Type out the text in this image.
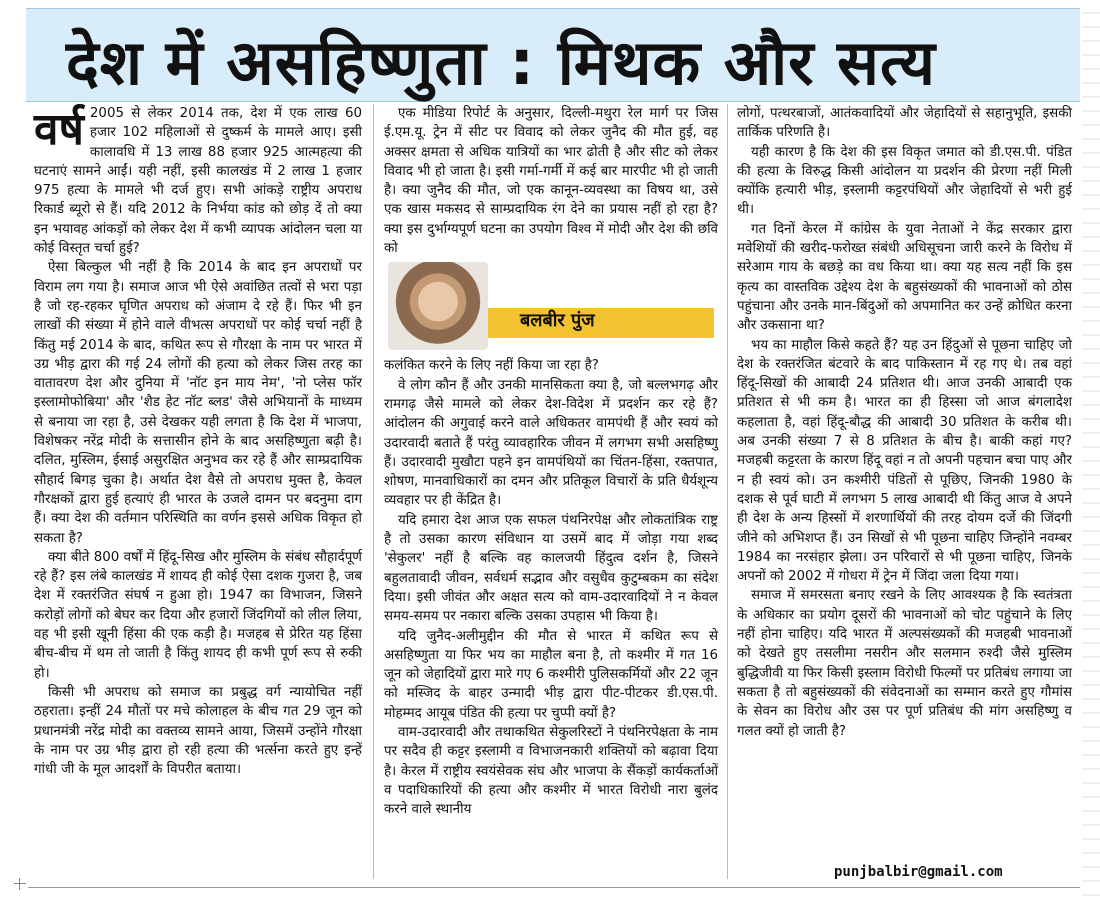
देश में असहिष्णुता : मिथक और सत्य

वर्ष 2005 से लेकर 2014 तक, देश में एक लाख 60 हजार 102 महिलाओं से दुष्कर्म के मामले आए। इसी कालावधि में 13 लाख 88 हजार 925 आत्महत्या की घटनाएं सामने आईं। यही नहीं, इसी कालखंड में 2 लाख 1 हजार 975 हत्या के मामले भी दर्ज हुए। सभी आंकड़े राष्ट्रीय अपराध रिकार्ड ब्यूरो से हैं। यदि 2012 के निर्भया कांड को छोड़ दें तो क्या इन भयावह आंकड़ों को लेकर देश में कभी व्यापक आंदोलन चला या कोई विस्तृत चर्चा हुई?

ऐसा बिल्कुल भी नहीं है कि 2014 के बाद इन अपराधों पर विराम लग गया है। समाज आज भी ऐसे अवांछित तत्वों से भरा पड़ा है जो रह-रहकर घृणित अपराध को अंजाम दे रहे हैं। फिर भी इन लाखों की संख्या में होने वाले वीभत्स अपराधों पर कोई चर्चा नहीं है किंतु मई 2014 के बाद, कथित रूप से गौरक्षा के नाम पर भारत में उग्र भीड़ द्वारा की गई 24 लोगों की हत्या को लेकर जिस तरह का वातावरण देश और दुनिया में 'नॉट इन माय नेम', 'नो प्लेस फॉर इस्लामोफोबिया' और 'शैड हेट नॉट ब्लड' जैसे अभियानों के माध्यम से बनाया जा रहा है, उसे देखकर यही लगता है कि देश में भाजपा, विशेषकर नरेंद्र मोदी के सत्तासीन होने के बाद असहिष्णुता बढ़ी है। दलित, मुस्लिम, ईसाई असुरक्षित अनुभव कर रहे हैं और साम्प्रदायिक सौहार्द बिगड़ चुका है। अर्थात देश वैसे तो अपराध मुक्त है, केवल गौरक्षकों द्वारा हुई हत्याएं ही भारत के उजले दामन पर बदनुमा दाग हैं। क्या देश की वर्तमान परिस्थिति का वर्णन इससे अधिक विकृत हो सकता है?

क्या बीते 800 वर्षों में हिंदू-सिख और मुस्लिम के संबंध सौहार्दपूर्ण रहे हैं? इस लंबे कालखंड में शायद ही कोई ऐसा दशक गुजरा है, जब देश में रक्तरंजित संघर्ष न हुआ हो। 1947 का विभाजन, जिसने करोड़ों लोगों को बेघर कर दिया और हजारों जिंदगियों को लील लिया, वह भी इसी खूनी हिंसा की एक कड़ी है। मजहब से प्रेरित यह हिंसा बीच-बीच में थम तो जाती है किंतु शायद ही कभी पूर्ण रूप से रुकी हो।

किसी भी अपराध को समाज का प्रबुद्ध वर्ग न्यायोचित नहीं ठहराता। इन्हीं 24 मौतों पर मचे कोलाहल के बीच गत 29 जून को प्रधानमंत्री नरेंद्र मोदी का वक्तव्य सामने आया, जिसमें उन्होंने गौरक्षा के नाम पर उग्र भीड़ द्वारा हो रही हत्या की भर्त्सना करते हुए इन्हें गांधी जी के मूल आदर्शों के विपरीत बताया।

एक मीडिया रिपोर्ट के अनुसार, दिल्ली-मथुरा रेल मार्ग पर जिस ई.एम.यू. ट्रेन में सीट पर विवाद को लेकर जुनैद की मौत हुई, वह अक्सर क्षमता से अधिक यात्रियों का भार ढोती है और सीट को लेकर विवाद भी हो जाता है। इसी गर्मा-गर्मी में कई बार मारपीट भी हो जाती है। क्या जुनैद की मौत, जो एक कानून-व्यवस्था का विषय था, उसे एक खास मकसद से साम्प्रदायिक रंग देने का प्रयास नहीं हो रहा है? क्या इस दुर्भाग्यपूर्ण घटना का उपयोग विश्व में मोदी और देश की छवि को

बलबीर पुंज

कलंकित करने के लिए नहीं किया जा रहा है?

वे लोग कौन हैं और उनकी मानसिकता क्या है, जो बल्लभगढ़ और रामगढ़ जैसे मामले को लेकर देश-विदेश में प्रदर्शन कर रहे हैं? आंदोलन की अगुवाई करने वाले अधिकतर वामपंथी हैं और स्वयं को उदारवादी बताते हैं परंतु व्यावहारिक जीवन में लगभग सभी असहिष्णु हैं। उदारवादी मुखौटा पहने इन वामपंथियों का चिंतन-हिंसा, रक्तपात, शोषण, मानवाधिकारों का दमन और प्रतिकूल विचारों के प्रति धैर्यशून्य व्यवहार पर ही केंद्रित है।

यदि हमारा देश आज एक सफल पंथनिरपेक्ष और लोकतांत्रिक राष्ट्र है तो उसका कारण संविधान या उसमें बाद में जोड़ा गया शब्द 'सेकुलर' नहीं है बल्कि वह कालजयी हिंदुत्व दर्शन है, जिसने बहुलतावादी जीवन, सर्वधर्म सद्भाव और वसुधैव कुटुम्बकम का संदेश दिया। इसी जीवंत और अक्षत सत्य को वाम-उदारवादियों ने न केवल समय-समय पर नकारा बल्कि उसका उपहास भी किया है।

यदि जुनैद-अलीमुद्दीन की मौत से भारत में कथित रूप से असहिष्णुता या फिर भय का माहौल बना है, तो कश्मीर में गत 16 जून को जेहादियों द्वारा मारे गए 6 कश्मीरी पुलिसकर्मियों और 22 जून को मस्जिद के बाहर उन्मादी भीड़ द्वारा पीट-पीटकर डी.एस.पी. मोहम्मद आयूब पंडित की हत्या पर चुप्पी क्यों है?

वाम-उदारवादी और तथाकथित सेकुलरिस्टों ने पंथनिरपेक्षता के नाम पर सदैव ही कट्टर इस्लामी व विभाजनकारी शक्तियों को बढ़ावा दिया है। केरल में राष्ट्रीय स्वयंसेवक संघ और भाजपा के सैंकड़ों कार्यकर्ताओं व पदाधिकारियों की हत्या और कश्मीर में भारत विरोधी नारा बुलंद करने वाले स्थानीय

लोगों, पत्थरबाजों, आतंकवादियों और जेहादियों से सहानुभूति, इसकी तार्किक परिणति है।

यही कारण है कि देश की इस विकृत जमात को डी.एस.पी. पंडित की हत्या के विरुद्ध किसी आंदोलन या प्रदर्शन की प्रेरणा नहीं मिली क्योंकि हत्यारी भीड़, इस्लामी कट्टरपंथियों और जेहादियों से भरी हुई थी।

गत दिनों केरल में कांग्रेस के युवा नेताओं ने केंद्र सरकार द्वारा मवेशियों की खरीद-फरोख्त संबंधी अधिसूचना जारी करने के विरोध में सरेआम गाय के बछड़े का वध किया था। क्या यह सत्य नहीं कि इस कृत्य का वास्तविक उद्देश्य देश के बहुसंख्यकों की भावनाओं को ठोस पहुंचाना और उनके मान-बिंदुओं को अपमानित कर उन्हें क्रोधित करना और उकसाना था?

भय का माहौल किसे कहते हैं? यह उन हिंदुओं से पूछना चाहिए जो देश के रक्तरंजित बंटवारे के बाद पाकिस्तान में रह गए थे। तब वहां हिंदू-सिखों की आबादी 24 प्रतिशत थी। आज उनकी आबादी एक प्रतिशत से भी कम है। भारत का ही हिस्सा जो आज बंगलादेश कहलाता है, वहां हिंदू-बौद्ध की आबादी 30 प्रतिशत के करीब थी। अब उनकी संख्या 7 से 8 प्रतिशत के बीच है। बाकी कहां गए? मजहबी कट्टरता के कारण हिंदू वहां न तो अपनी पहचान बचा पाए और न ही स्वयं को। उन कश्मीरी पंडितों से पूछिए, जिनकी 1980 के दशक से पूर्व घाटी में लगभग 5 लाख आबादी थी किंतु आज वे अपने ही देश के अन्य हिस्सों में शरणार्थियों की तरह दोयम दर्जे की जिंदगी जीने को अभिशप्त हैं। उन सिखों से भी पूछना चाहिए जिन्होंने नवम्बर 1984 का नरसंहार झेला। उन परिवारों से भी पूछना चाहिए, जिनके अपनों को 2002 में गोधरा में ट्रेन में जिंदा जला दिया गया।

समाज में समरसता बनाए रखने के लिए आवश्यक है कि स्वतंत्रता के अधिकार का प्रयोग दूसरों की भावनाओं को चोट पहुंचाने के लिए नहीं होना चाहिए। यदि भारत में अल्पसंख्यकों की मजहबी भावनाओं को देखते हुए तसलीमा नसरीन और सलमान रुश्दी जैसे मुस्लिम बुद्धिजीवी या फिर किसी इस्लाम विरोधी फिल्मों पर प्रतिबंध लगाया जा सकता है तो बहुसंख्यकों की संवेदनाओं का सम्मान करते हुए गौमांस के सेवन का विरोध और उस पर पूर्ण प्रतिबंध की मांग असहिष्णु व गलत क्यों हो जाती है?

punjbalbir@gmail.com
